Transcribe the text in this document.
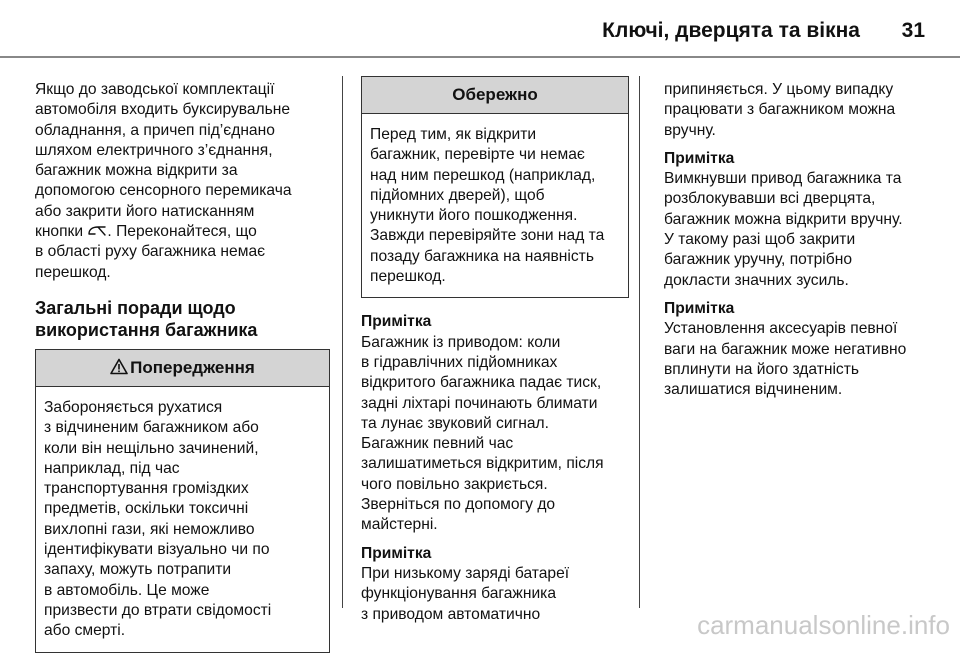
Ключі, дверцята та вікна	31

Якщо до заводської комплектації
автомобіля входить буксирувальне
обладнання, а причеп під’єднано
шляхом електричного з’єднання,
багажник можна відкрити за
допомогою сенсорного перемикача
або закрити його натисканням
кнопки . Переконайтеся, що
в області руху багажника немає
перешкод.

Загальні поради щодо
використання багажника

Попередження
Забороняється рухатися
з відчиненим багажником або
коли він нещільно зачинений,
наприклад, під час
транспортування громіздких
предметів, оскільки токсичні
вихлопні гази, які неможливо
ідентифікувати візуально чи по
запаху, можуть потрапити
в автомобіль. Це може
призвести до втрати свідомості
або смерті.
Обережно
Перед тим, як відкрити
багажник, перевірте чи немає
над ним перешкод (наприклад,
підйомних дверей), щоб
уникнути його пошкодження.
Завжди перевіряйте зони над та
позаду багажника на наявність
перешкод.

Примітка

Багажник із приводом: коли
в гідравлічних підйомниках
відкритого багажника падає тиск,
задні ліхтарі починають блимати
та лунає звуковий сигнал.
Багажник певний час
залишатиметься відкритим, після
чого повільно закриється.
Зверніться по допомогу до
майстерні.

Примітка

При низькому заряді батареї
функціонування багажника
з приводом автоматично

припиняється. У цьому випадку
працювати з багажником можна
вручну.

Примітка

Вимкнувши привод багажника та
розблокувавши всі дверцята,
багажник можна відкрити вручну.
У такому разі щоб закрити
багажник уручну, потрібно
докласти значних зусиль.

Примітка

Установлення аксесуарів певної
ваги на багажник може негативно
вплинути на його здатність
залишатися відчиненим.

carmanualsonline.info
